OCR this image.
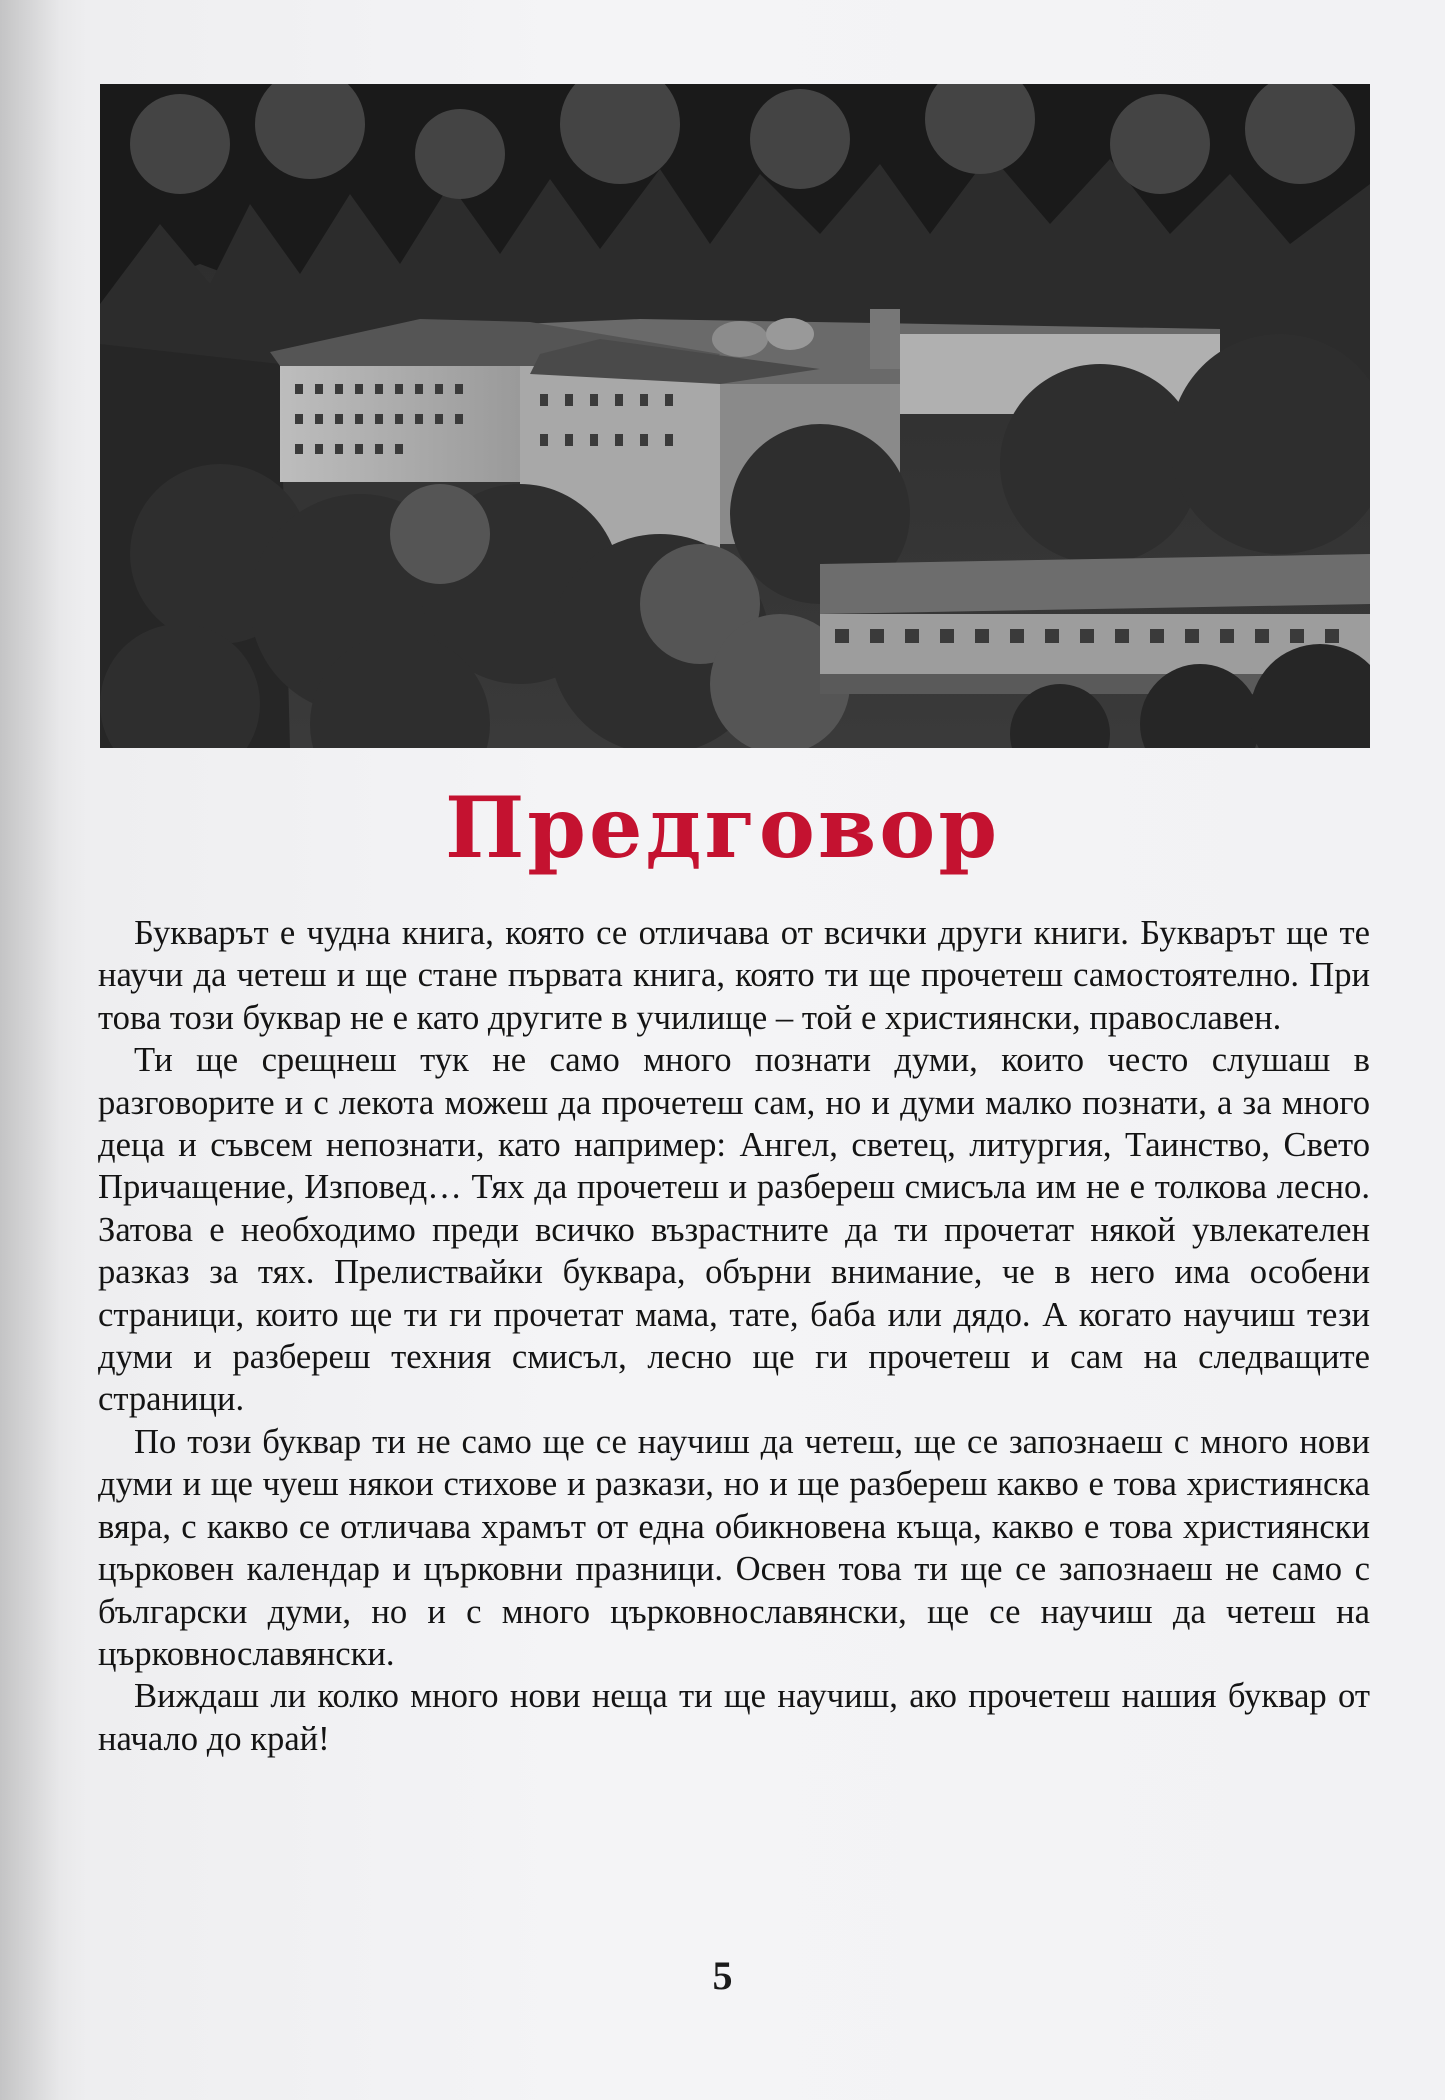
Предговор

Букварът е чудна книга, която се отличава от всички други книги. Букварът ще те научи да четеш и ще стане първата книга, която ти ще прочетеш самостоятелно. При това този буквар не е като другите в училище – той е християнски, православен.

Ти ще срещнеш тук не само много познати думи, които често слушаш в разговорите и с лекота можеш да прочетеш сам, но и думи малко познати, а за много деца и съвсем непознати, като например: Ангел, светец, литургия, Таинство, Свето Причащение, Изповед… Тях да прочетеш и разбереш смисъла им не е толкова лесно. Затова е необходимо преди всичко възрастните да ти прочетат някой увлекателен разказ за тях. Прелиствайки буквара, обърни внимание, че в него има особени страници, които ще ти ги прочетат мама, тате, баба или дядо. А когато научиш тези думи и разбереш техния смисъл, лесно ще ги прочетеш и сам на следващите страници.

По този буквар ти не само ще се научиш да четеш, ще се запознаеш с много нови думи и ще чуеш някои стихове и разкази, но и ще разбереш какво е това християнска вяра, с какво се отличава храмът от една обикновена къща, какво е това християнски църковен календар и църковни празници. Освен това ти ще се запознаеш не само с български думи, но и с много църковнославянски, ще се научиш да четеш на църковнославянски.

Виждаш ли колко много нови неща ти ще научиш, ако прочетеш нашия буквар от начало до край!

5
